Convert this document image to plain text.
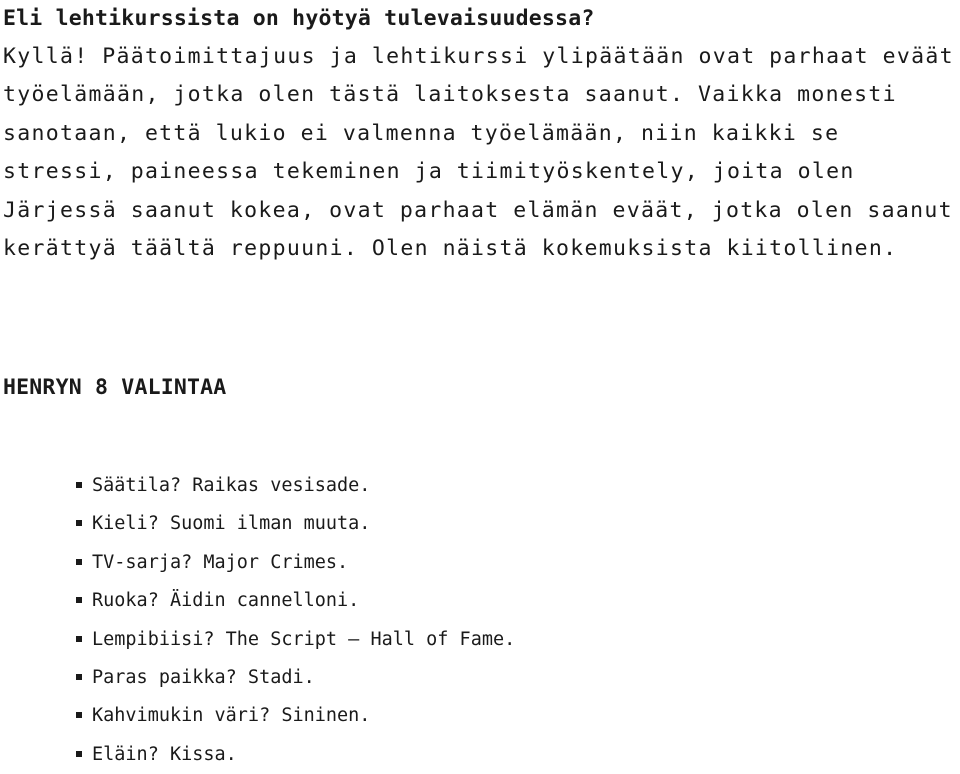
Eli lehtikurssista on hyötyä tulevaisuudessa?

Kyllä! Päätoimittajuus ja lehtikurssi ylipäätään ovat parhaat eväät työelämään, jotka olen tästä laitoksesta saanut. Vaikka monesti sanotaan, että lukio ei valmenna työelämään, niin kaikki se stressi, paineessa tekeminen ja tiimityöskentely, joita olen Järjessä saanut kokea, ovat parhaat elämän eväät, jotka olen saanut kerättyä täältä reppuuni. Olen näistä kokemuksista kiitollinen.

HENRYN 8 VALINTAA
Säätila? Raikas vesisade.
Kieli? Suomi ilman muuta.
TV-sarja? Major Crimes.
Ruoka? Äidin cannelloni.
Lempibiisi? The Script – Hall of Fame.
Paras paikka? Stadi.
Kahvimukin väri? Sininen.
Eläin? Kissa.
